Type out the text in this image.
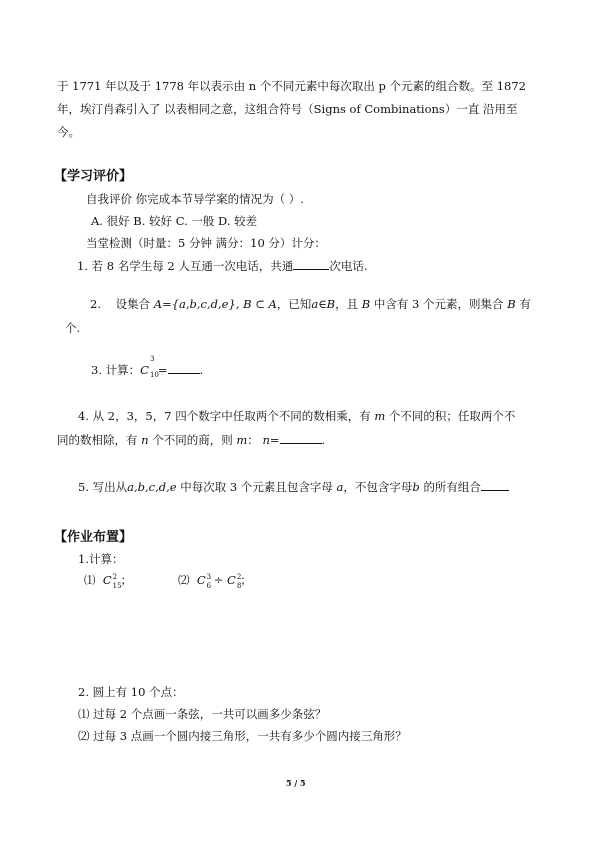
于 1771 年以及于 1778 年以表示由 n 个不同元素中每次取出 p 个元素的组合数。至 1872
年，埃汀肖森引入了 以表相同之意，这组合符号（Signs of Combinations）一直 沿用至
今。
【学习评价】
自我评价 你完成本节导学案的情况为（ ）.
A. 很好 B. 较好 C. 一般 D. 较差
当堂检测（时量：5 分钟 满分：10 分）计分：
1. 若 8 名学生每 2 人互通一次电话，共通	次电话.
2. 设集合 A={a,b,c,d,e}, B ⊂ A，已知a∈B，且 B 中含有 3 个元素，则集合 B 有
个.
3. 计算：C
$_{3 10}$=	.
4. 从 2，3，5，7 四个数字中任取两个不同的数相乘，有 m 个不同的积；任取两个不
同的数相除，有 n 个不同的商，则 m： n=	.
5. 写出从a,b,c,d,e 中每次取 3 个元素且包含字母 a，不包含字母b 的所有组合
【作业布置】
1.计算：
⑴ C 2
15；	⑵ C 3
6 ÷ C 2
8；
2. 圆上有 10 个点：
⑴ 过每 2 个点画一条弦，一共可以画多少条弦？
⑵ 过每 3 点画一个圆内接三角形，一共有多少个圆内接三角形？
5 / 5
